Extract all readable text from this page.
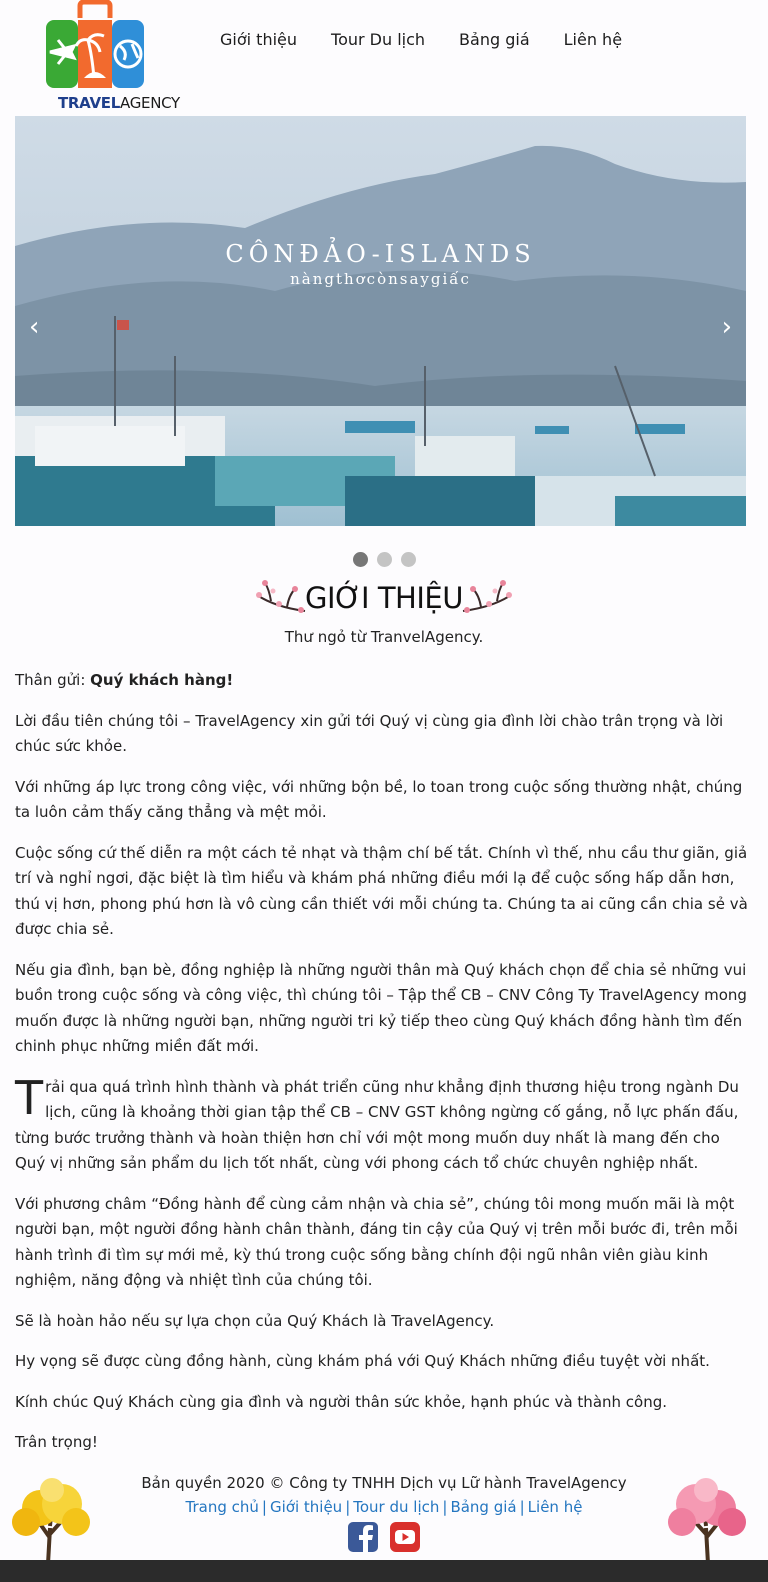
TRAVELAGENCY
Giới thiệu	Tour Du lịch	Bảng giá	Liên hệ
CÔNĐẢO-ISLANDS
nàngthơcònsaygiấc
‹	›
GIỚI THIỆU
Thư ngỏ từ TranvelAgency.

Thân gửi: Quý khách hàng!

Lời đầu tiên chúng tôi – TravelAgency xin gửi tới Quý vị cùng gia đình lời chào trân trọng và lời chúc sức khỏe.

Với những áp lực trong công việc, với những bộn bề, lo toan trong cuộc sống thường nhật, chúng ta luôn cảm thấy căng thẳng và mệt mỏi.

Cuộc sống cứ thế diễn ra một cách tẻ nhạt và thậm chí bế tắt. Chính vì thế, nhu cầu thư giãn, giả trí và nghỉ ngơi, đặc biệt là tìm hiểu và khám phá những điều mới lạ để cuộc sống hấp dẫn hơn, thú vị hơn, phong phú hơn là vô cùng cần thiết với mỗi chúng ta. Chúng ta ai cũng cần chia sẻ và được chia sẻ.

Nếu gia đình, bạn bè, đồng nghiệp là những người thân mà Quý khách chọn để chia sẻ những vui buồn trong cuộc sống và công việc, thì chúng tôi – Tập thể CB – CNV Công Ty TravelAgency mong muốn được là những người bạn, những người tri kỷ tiếp theo cùng Quý khách đồng hành tìm đến chinh phục những miền đất mới.

Trải qua quá trình hình thành và phát triển cũng như khẳng định thương hiệu trong ngành Du lịch, cũng là khoảng thời gian tập thể CB – CNV GST không ngừng cố gắng, nỗ lực phấn đấu, từng bước trưởng thành và hoàn thiện hơn chỉ với một mong muốn duy nhất là mang đến cho Quý vị những sản phẩm du lịch tốt nhất, cùng với phong cách tổ chức chuyên nghiệp nhất.

Với phương châm “Đồng hành để cùng cảm nhận và chia sẻ”, chúng tôi mong muốn mãi là một người bạn, một người đồng hành chân thành, đáng tin cậy của Quý vị trên mỗi bước đi, trên mỗi hành trình đi tìm sự mới mẻ, kỳ thú trong cuộc sống bằng chính đội ngũ nhân viên giàu kinh nghiệm, năng động và nhiệt tình của chúng tôi.

Sẽ là hoàn hảo nếu sự lựa chọn của Quý Khách là TravelAgency.

Hy vọng sẽ được cùng đồng hành, cùng khám phá với Quý Khách những điều tuyệt vời nhất.

Kính chúc Quý Khách cùng gia đình và người thân sức khỏe, hạnh phúc và thành công.

Trân trọng!

Bản quyền 2020 © Công ty TNHH Dịch vụ Lữ hành TravelAgency
Trang chủ | Giới thiệu | Tour du lịch | Bảng giá | Liên hệ
